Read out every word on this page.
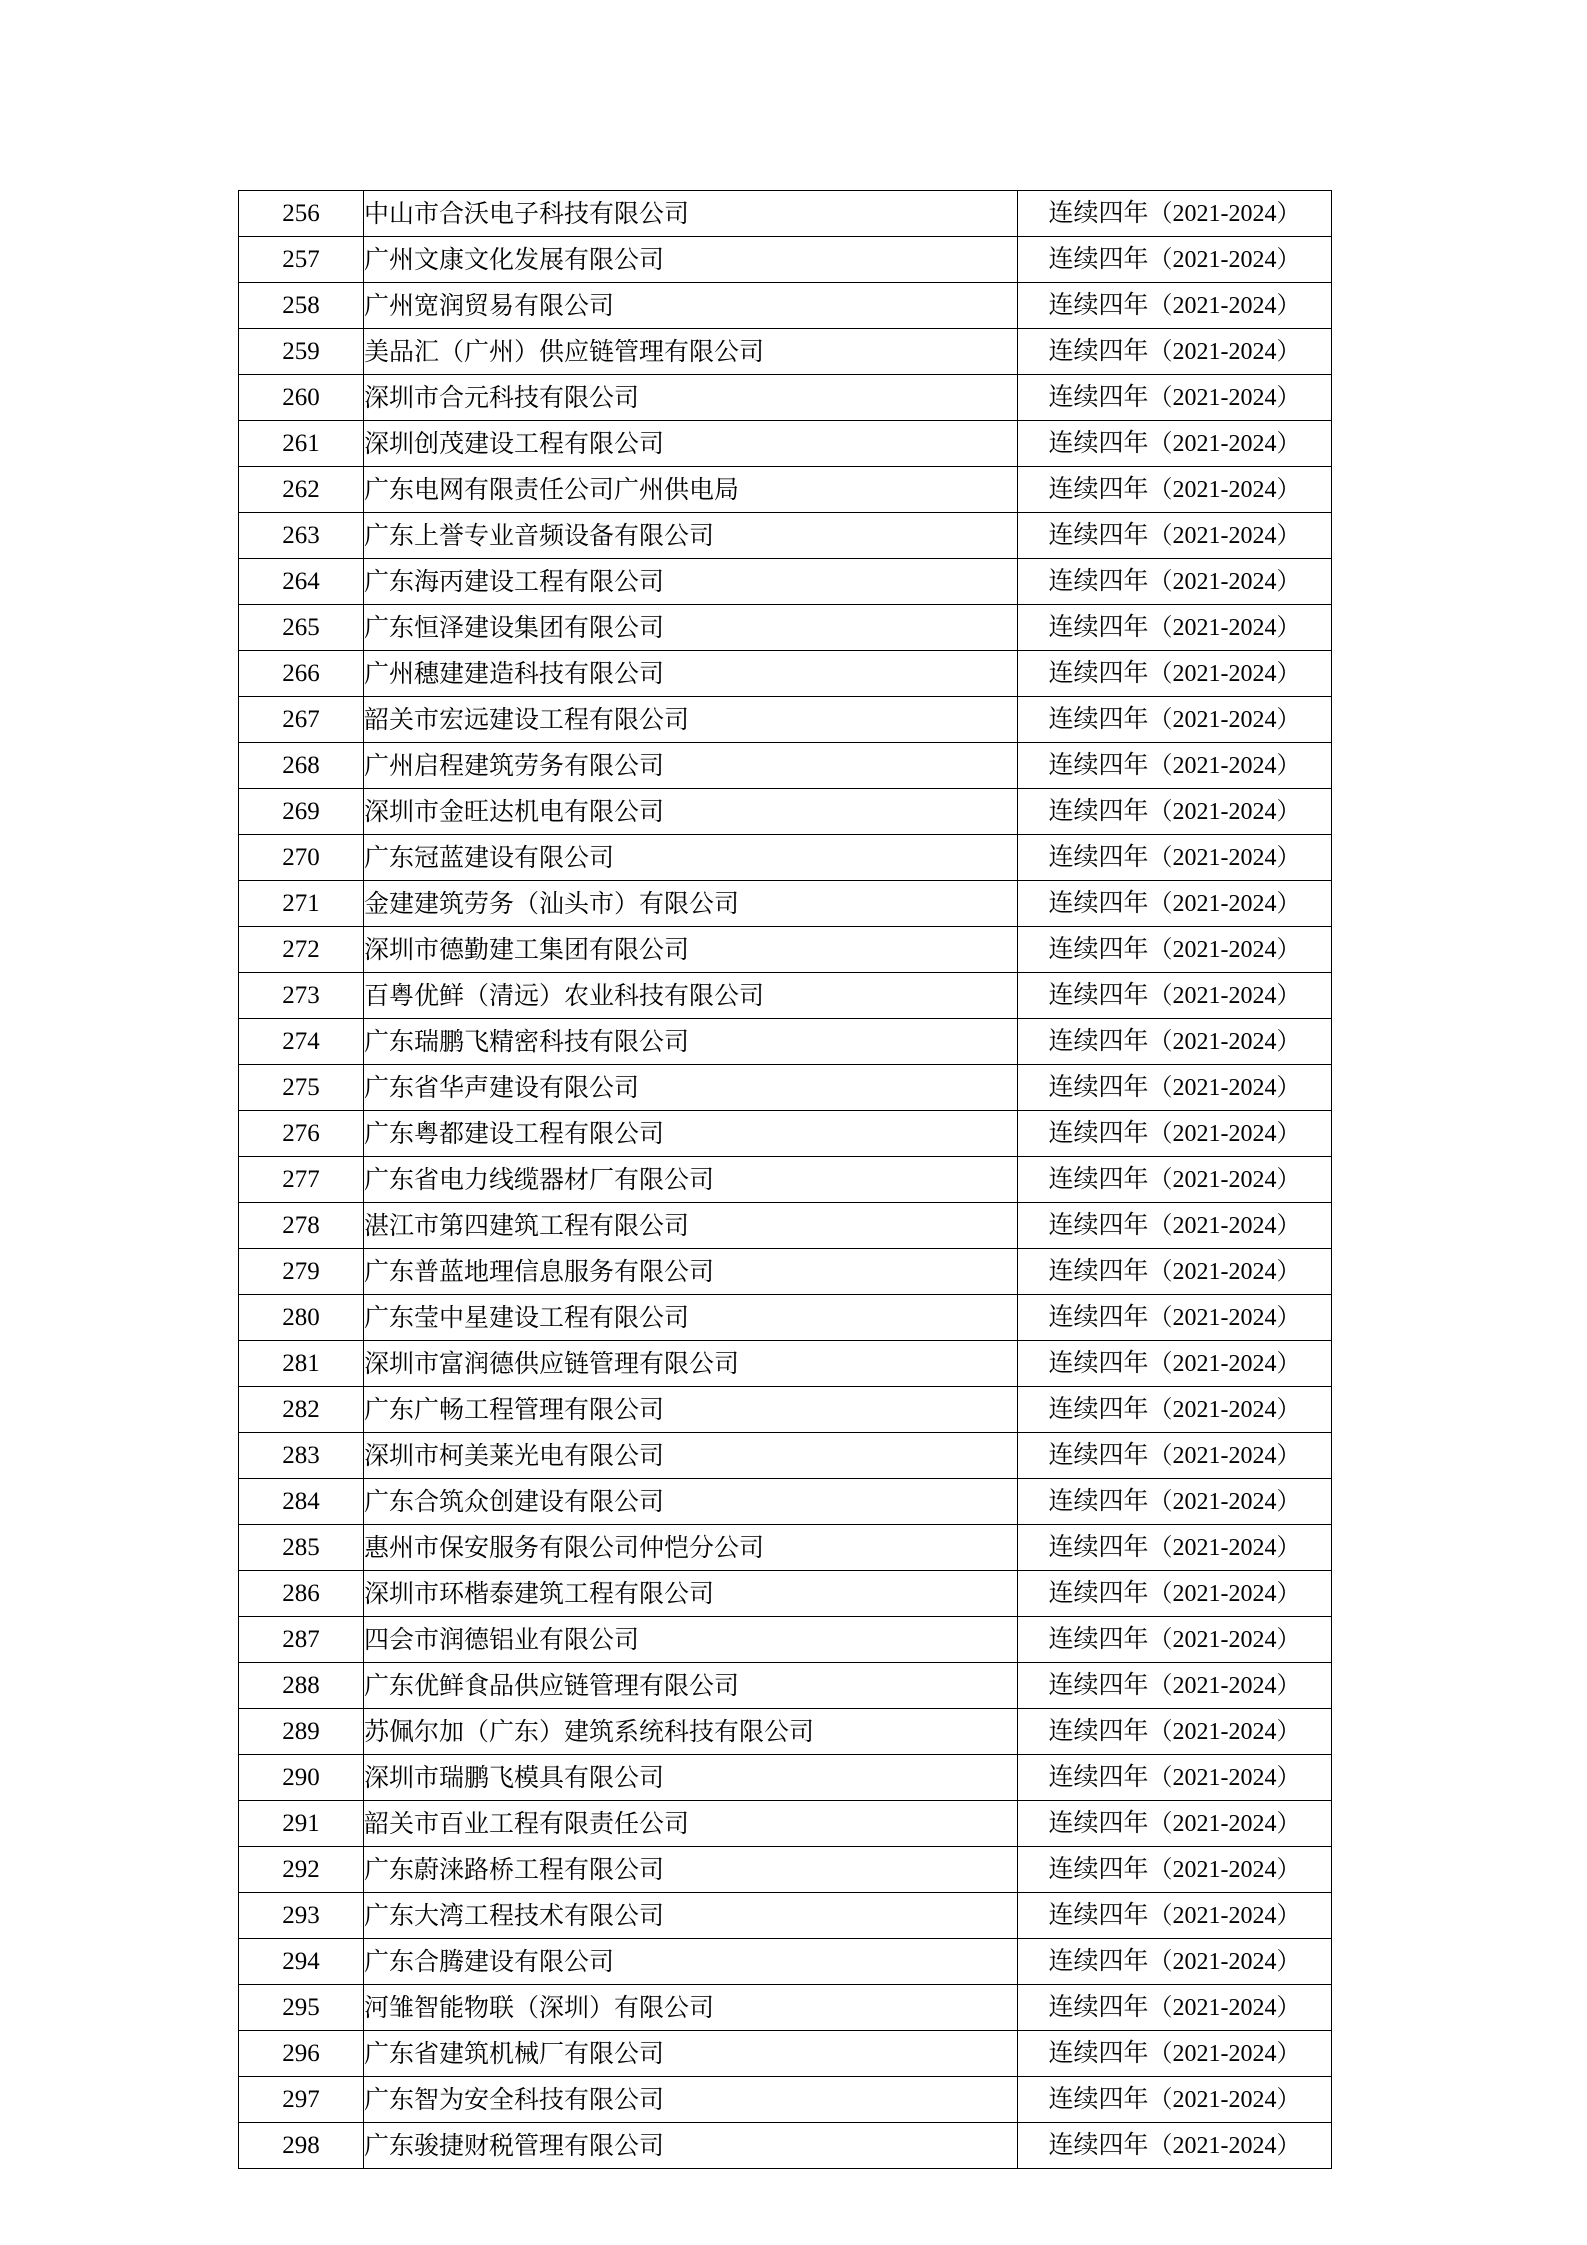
256	中山市合沃电子科技有限公司	连续四年（2021-2024）
257	广州文康文化发展有限公司	连续四年（2021-2024）
258	广州宽润贸易有限公司	连续四年（2021-2024）
259	美品汇（广州）供应链管理有限公司	连续四年（2021-2024）
260	深圳市合元科技有限公司	连续四年（2021-2024）
261	深圳创茂建设工程有限公司	连续四年（2021-2024）
262	广东电网有限责任公司广州供电局	连续四年（2021-2024）
263	广东上誉专业音频设备有限公司	连续四年（2021-2024）
264	广东海丙建设工程有限公司	连续四年（2021-2024）
265	广东恒泽建设集团有限公司	连续四年（2021-2024）
266	广州穗建建造科技有限公司	连续四年（2021-2024）
267	韶关市宏远建设工程有限公司	连续四年（2021-2024）
268	广州启程建筑劳务有限公司	连续四年（2021-2024）
269	深圳市金旺达机电有限公司	连续四年（2021-2024）
270	广东冠蓝建设有限公司	连续四年（2021-2024）
271	金建建筑劳务（汕头市）有限公司	连续四年（2021-2024）
272	深圳市德勤建工集团有限公司	连续四年（2021-2024）
273	百粤优鲜（清远）农业科技有限公司	连续四年（2021-2024）
274	广东瑞鹏飞精密科技有限公司	连续四年（2021-2024）
275	广东省华声建设有限公司	连续四年（2021-2024）
276	广东粤都建设工程有限公司	连续四年（2021-2024）
277	广东省电力线缆器材厂有限公司	连续四年（2021-2024）
278	湛江市第四建筑工程有限公司	连续四年（2021-2024）
279	广东普蓝地理信息服务有限公司	连续四年（2021-2024）
280	广东莹中星建设工程有限公司	连续四年（2021-2024）
281	深圳市富润德供应链管理有限公司	连续四年（2021-2024）
282	广东广畅工程管理有限公司	连续四年（2021-2024）
283	深圳市柯美莱光电有限公司	连续四年（2021-2024）
284	广东合筑众创建设有限公司	连续四年（2021-2024）
285	惠州市保安服务有限公司仲恺分公司	连续四年（2021-2024）
286	深圳市环楷泰建筑工程有限公司	连续四年（2021-2024）
287	四会市润德铝业有限公司	连续四年（2021-2024）
288	广东优鲜食品供应链管理有限公司	连续四年（2021-2024）
289	苏佩尔加（广东）建筑系统科技有限公司	连续四年（2021-2024）
290	深圳市瑞鹏飞模具有限公司	连续四年（2021-2024）
291	韶关市百业工程有限责任公司	连续四年（2021-2024）
292	广东蔚涞路桥工程有限公司	连续四年（2021-2024）
293	广东大湾工程技术有限公司	连续四年（2021-2024）
294	广东合腾建设有限公司	连续四年（2021-2024）
295	河雏智能物联（深圳）有限公司	连续四年（2021-2024）
296	广东省建筑机械厂有限公司	连续四年（2021-2024）
297	广东智为安全科技有限公司	连续四年（2021-2024）
298	广东骏捷财税管理有限公司	连续四年（2021-2024）
